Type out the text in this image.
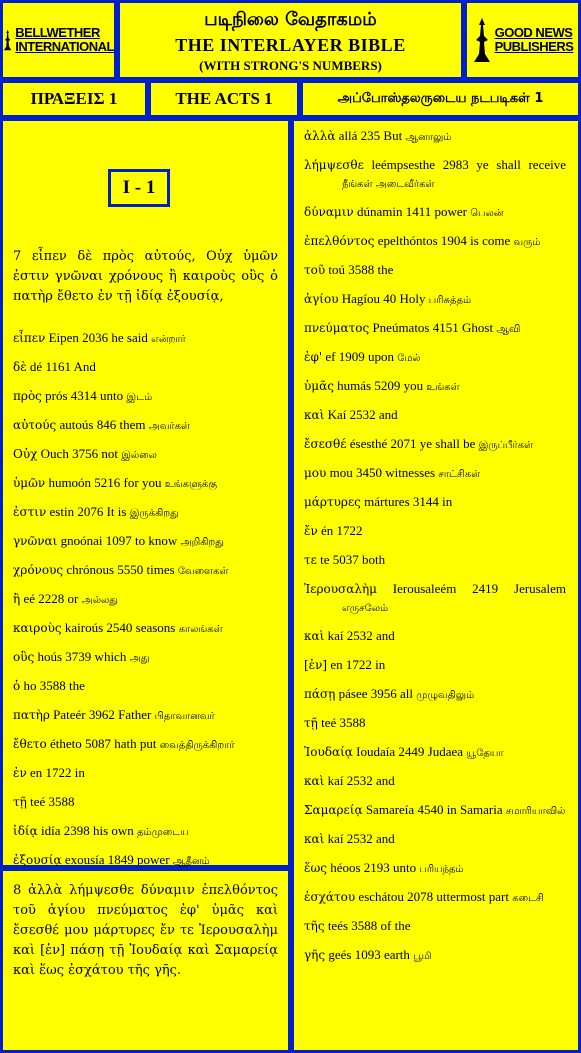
BELLWETHER
INTERNATIONAL
படிநிலை வேதாகமம்
THE INTERLAYER BIBLE
(WITH STRONG'S NUMBERS)
GOOD NEWS
PUBLISHERS
ΠΡΑΞΕΙΣ 1	THE ACTS 1	அப்போஸ்தலருடைய நடபடிகள் 1
I - 1
7 εἶπεν δὲ πρὸς αὐτούς, Οὐχ ὑμῶν ἐστιν γνῶναι χρόνους ἢ καιροὺς οὓς ὁ πατὴρ ἔθετο ἐν τῇ ἰδίᾳ ἐξουσίᾳ,
εἶπεν Eipen 2036 he said என்றார்
δὲ dé 1161 And
πρὸς prós 4314 unto இடம்
αὐτούς autoús 846 them அவர்கள்
Οὐχ Ouch 3756 not இல்லை
ὑμῶν humoón 5216 for you உங்களுக்கு
ἐστιν estin 2076 It is இருக்கிறது
γνῶναι gnoónai 1097 to know அறிகிறது
χρόνους chrónous 5550 times வேளைகள்
ἢ eé 2228 or அல்லது
καιροὺς kairoús 2540 seasons காலங்கள்
οὓς hoús 3739 which அது
ὁ ho 3588 the
πατὴρ Pateér 3962 Father பிதாவானவர்
ἔθετο étheto 5087 hath put வைத்திருக்கிறார்
ἐν en 1722 in
τῇ teé 3588
ἰδίᾳ idía 2398 his own தம்முடைய
ἐξουσίᾳ exousía 1849 power ஆதீனம்
8 ἀλλὰ λήμψεσθε δύναμιν ἐπελθόντος τοῦ ἁγίου πνεύματος ἐφ' ὑμᾶς καὶ ἔσεσθέ μου μάρτυρες ἔν τε Ἰερουσαλὴμ καὶ [ἐν] πάσῃ τῇ Ἰουδαίᾳ καὶ Σαμαρείᾳ καὶ ἕως ἐσχάτου τῆς γῆς.
ἀλλὰ allá 235 But ஆனாலும்
λήμψεσθε leémpsesthe 2983 ye shall receive நீங்கள் அடைவீர்கள்
δύναμιν dúnamin 1411 power பெலன்
ἐπελθόντος epelthóntos 1904 is come வரும்
τοῦ toú 3588 the
ἁγίου Hagíou 40 Holy பரிசுத்தம்
πνεύματος Pneúmatos 4151 Ghost ஆவி
ἐφ' ef 1909 upon மேல்
ὑμᾶς humás 5209 you உங்கள்
καὶ Kaí 2532 and
ἔσεσθέ ésesthé 2071 ye shall be இருப்பீர்கள்
μου mou 3450 witnesses சாட்சிகள்
μάρτυρες mártures 3144 in
ἔν én 1722
τε te 5037 both
Ἰερουσαλὴμ Ierousaleém 2419 Jerusalem எருசலேம்
καὶ kaí 2532 and
[ἐν] en 1722 in
πάσῃ pásee 3956 all முழுவதிலும்
τῇ teé 3588
Ἰουδαίᾳ Ioudaía 2449 Judaea யூதேயா
καὶ kaí 2532 and
Σαμαρείᾳ Samareía 4540 in Samaria சமாரியாவில்
καὶ kaí 2532 and
ἕως héoos 2193 unto பரியந்தம்
ἐσχάτου eschátou 2078 uttermost part கடைசி
τῆς teés 3588 of the
γῆς geés 1093 earth பூமி
